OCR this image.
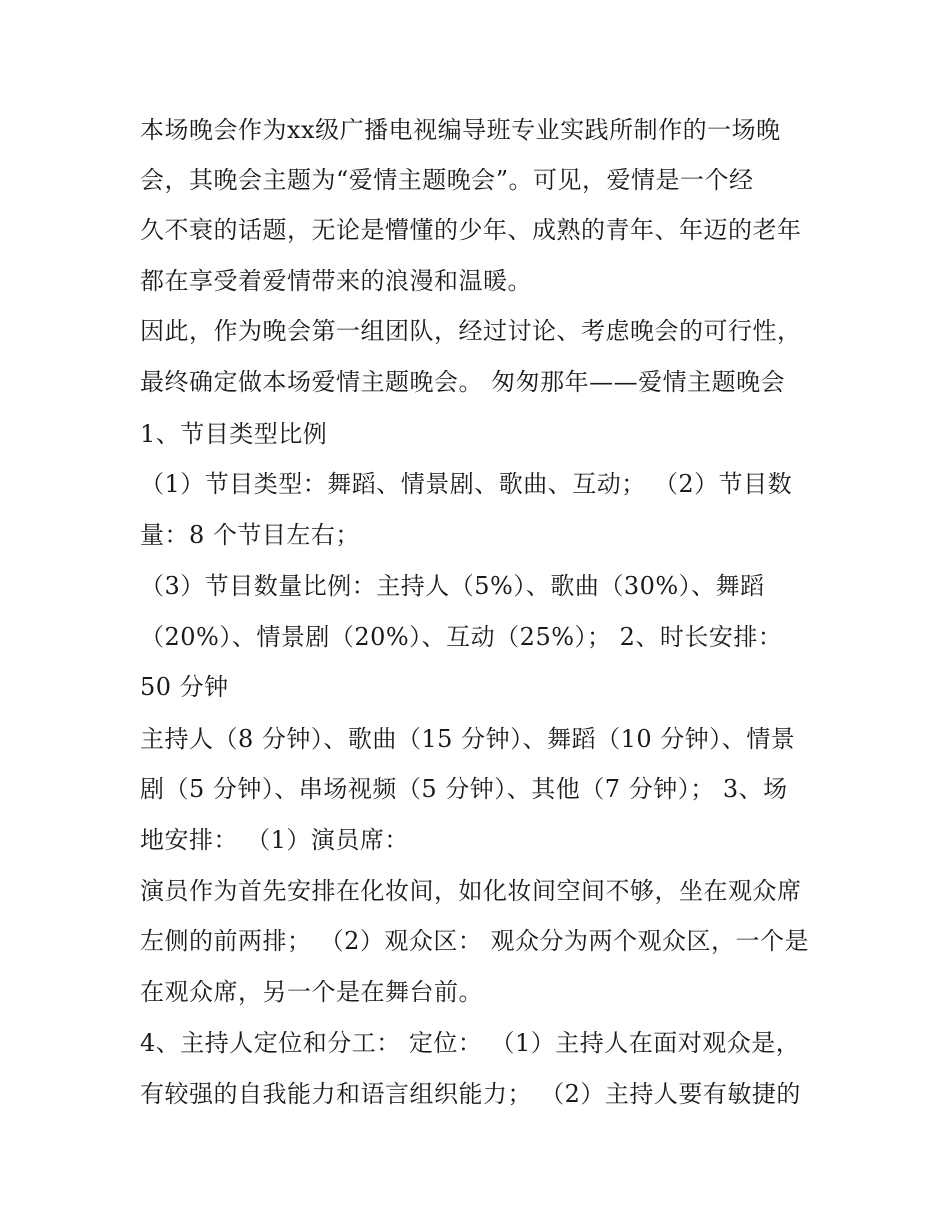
本场晚会作为xx级广播电视编导班专业实践所制作的一场晚
会，其晚会主题为“爱情主题晚会”。可见，爱情是一个经
久不衰的话题，无论是懵懂的少年、成熟的青年、年迈的老年
都在享受着爱情带来的浪漫和温暖。
因此，作为晚会第一组团队，经过讨论、考虑晚会的可行性，
最终确定做本场爱情主题晚会。 匆匆那年——爱情主题晚会
1、节目类型比例
（1）节目类型：舞蹈、情景剧、歌曲、互动； （2）节目数
量：8 个节目左右；
（3）节目数量比例：主持人（5%）、歌曲（30%）、舞蹈
（20%）、情景剧（20%）、互动（25%）； 2、时长安排：
50 分钟
主持人（8 分钟）、歌曲（15 分钟）、舞蹈（10 分钟）、情景
剧（5 分钟）、串场视频（5 分钟）、其他（7 分钟）； 3、场
地安排： （1）演员席：
演员作为首先安排在化妆间，如化妆间空间不够，坐在观众席
左侧的前两排； （2）观众区： 观众分为两个观众区，一个是
在观众席，另一个是在舞台前。
4、主持人定位和分工： 定位： （1）主持人在面对观众是，
有较强的自我能力和语言组织能力； （2）主持人要有敏捷的
